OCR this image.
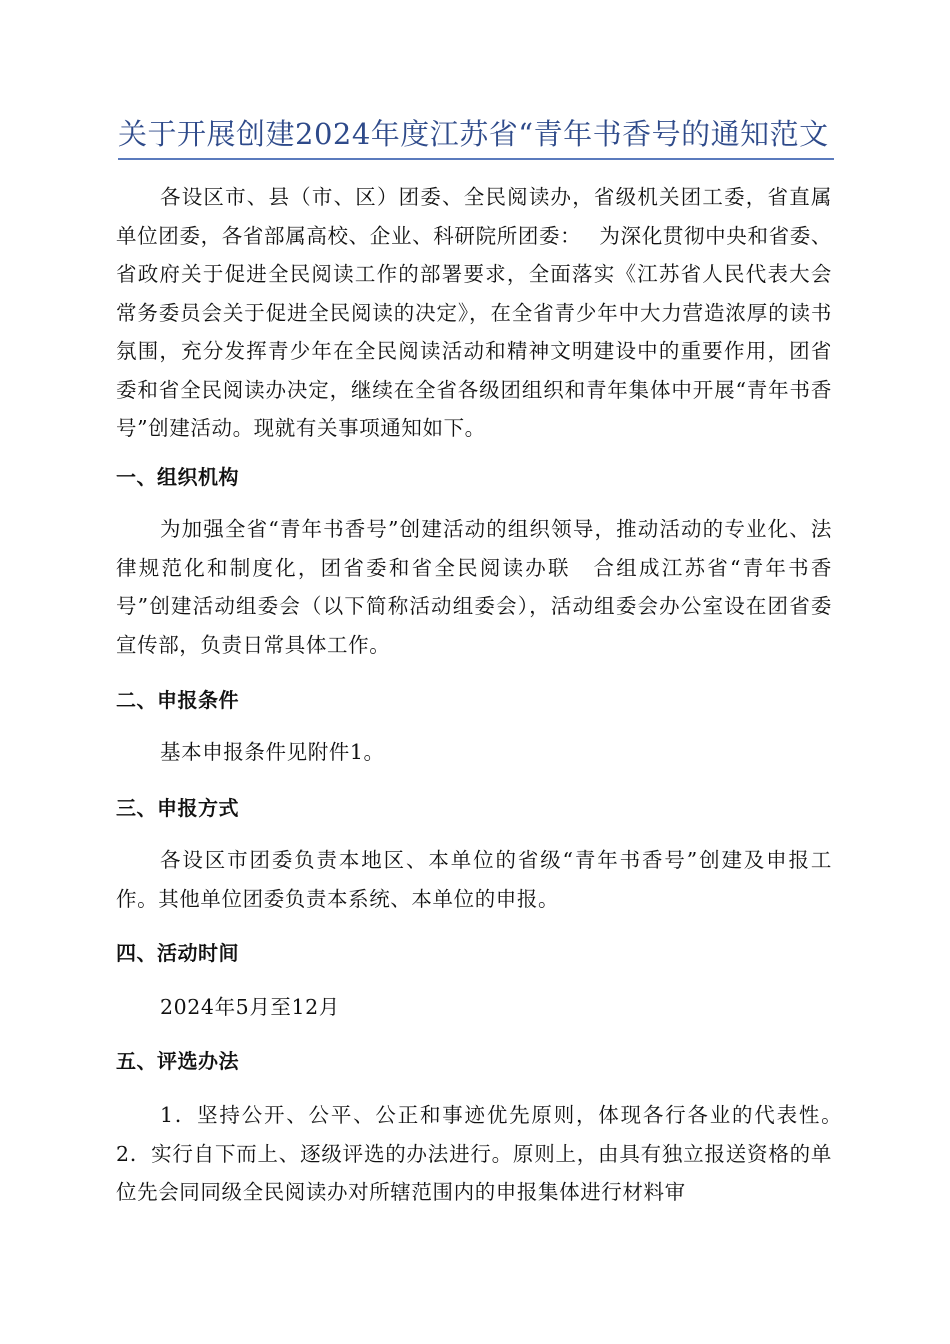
关于开展创建2024年度江苏省“青年书香号的通知范文

各设区市、县（市、区）团委、全民阅读办，省级机关团工委，省直属单位团委，各省部属高校、企业、科研院所团委：　 为深化贯彻中央和省委、省政府关于促进全民阅读工作的部署要求，全面落实《江苏省人民代表大会常务委员会关于促进全民阅读的决定》，在全省青少年中大力营造浓厚的读书氛围，充分发挥青少年在全民阅读活动和精神文明建设中的重要作用，团省委和省全民阅读办决定，继续在全省各级团组织和青年集体中开展“青年书香号”创建活动。现就有关事项通知如下。

一、组织机构

为加强全省“青年书香号”创建活动的组织领导，推动活动的专业化、法律规范化和制度化，团省委和省全民阅读办联　合组成江苏省“青年书香号”创建活动组委会（以下简称活动组委会），活动组委会办公室设在团省委宣传部，负责日常具体工作。

二、申报条件

基本申报条件见附件1。

三、申报方式

各设区市团委负责本地区、本单位的省级“青年书香号”创建及申报工作。其他单位团委负责本系统、本单位的申报。

四、活动时间

2024年5月至12月

五、评选办法

1．坚持公开、公平、公正和事迹优先原则，体现各行各业的代表性。　2．实行自下而上、逐级评选的办法进行。原则上，由具有独立报送资格的单位先会同同级全民阅读办对所辖范围内的申报集体进行材料审
